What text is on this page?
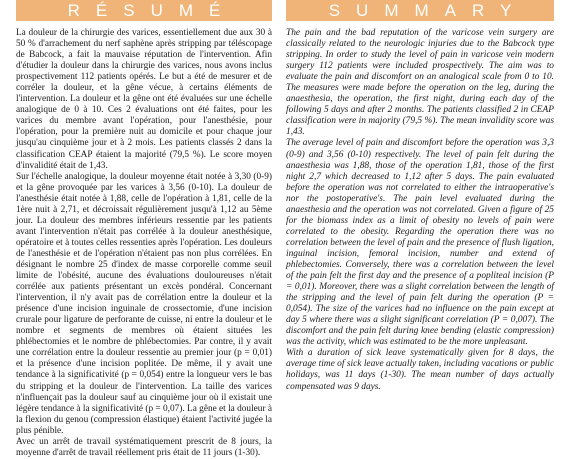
RÉSUMÉ

La douleur de la chirurgie des varices, essentiellement due aux 30 à 50 % d'arrachement du nerf saphène après stripping par téléscopage de Babcock, a fait la mauvaise réputation de l'intervention. Afin d'étudier la douleur dans la chirurgie des varices, nous avons inclus prospectivement 112 patients opérés. Le but a été de mesurer et de corréler la douleur, et la gêne vécue, à certains éléments de l'intervention. La douleur et la gêne ont été évaluées sur une échelle analogique de 0 à 10. Ces 2 évaluations ont été faites, pour les varices du membre avant l'opération, pour l'anesthésie, pour l'opération, pour la première nuit au domicile et pour chaque jour jusqu'au cinquième jour et à 2 mois. Les patients classés 2 dans la classification CEAP étaient la majorité (79,5 %). Le score moyen d'invalidité était de 1,43.

Sur l'échelle analogique, la douleur moyenne était notée à 3,30 (0-9) et la gêne provoquée par les varices à 3,56 (0-10). La douleur de l'anesthésie était notée à 1,88, celle de l'opération à 1,81, celle de la 1ère nuit à 2,71, et décroissait régulièrement jusqu'à 1,12 au 5ème jour. La douleur des membres inférieurs ressentie par les patients avant l'intervention n'était pas corrélée à la douleur anesthésique, opératoire et à toutes celles ressenties après l'opération. Les douleurs de l'anesthésie et de l'opération n'étaient pas non plus corrélées. En désignant le nombre 25 d'index de masse corporelle comme seuil limite de l'obésité, aucune des évaluations douloureuses n'était corrélée aux patients présentant un excès pondéral. Concernant l'intervention, il n'y avait pas de corrélation entre la douleur et la présence d'une incision inguinale de crossectomie, d'une incision crurale pour ligature de perforante de cuisse, ni entre la douleur et le nombre et segments de membres où étaient situées les phlébectomies et le nombre de phlébectomies. Par contre, il y avait une corrélation entre la douleur ressentie au premier jour (p = 0,01) et la présence d'une incision poplitée. De même, il y avait une tendance à la significativité (p = 0,054) entre la longueur vers le bas du stripping et la douleur de l'intervention. La taille des varices n'influençait pas la douleur sauf au cinquième jour où il existait une légère tendance à la significativité (p = 0,07). La gêne et la douleur à la flexion du genou (compression élastique) étaient l'activité jugée la plus pénible.

Avec un arrêt de travail systématiquement prescrit de 8 jours, la moyenne d'arrêt de travail réellement pris était de 11 jours (1-30).

SUMMARY

The pain and the bad reputation of the varicose vein surgery are classically related to the neurologic injuries due to the Babcock type stripping. In order to study the level of pain in varicose vein modern surgery 112 patients were included prospectively. The aim was to evaluate the pain and discomfort on an analogical scale from 0 to 10. The measures were made before the operation on the leg, during the anaesthesia, the operation, the first night, during each day of the following 5 days and after 2 months. The patients classified 2 in CEAP classification were in majority (79,5 %). The mean invalidity score was 1,43.

The average level of pain and discomfort before the operation was 3,3 (0-9) and 3,56 (0-10) respectively. The level of pain felt during the anaesthesia was 1,88, those of the operation 1,81, those of the first night 2,7 which decreased to 1,12 after 5 days. The pain evaluated before the operation was not correlated to either the intraoperative's nor the postoperative's. The pain level evaluated during the anaesthesia and the operation was not correlated. Given a figure of 25 for the biomass index as a limit of obesity no levels of pain were correlated to the obesity. Regarding the operation there was no correlation between the level of pain and the presence of flush ligation, inguinal incision, femoral incision, number and extend of phlebectomies. Conversely, there was a correlation between the level of the pain felt the first day and the presence of a popliteal incision (P = 0,01). Moreover, there was a slight correlation between the length of the stripping and the level of pain felt during the operation (P = 0,054). The size of the varices had no influence on the pain except at day 5 where there was a slight significant correlation (P = 0,007). The discomfort and the pain felt during knee bending (elastic compression) was the activity, which was estimated to be the more unpleasant.

With a duration of sick leave systematically given for 8 days, the average time of sick leave actually taken, including vacations or public holidays, was 11 days (1-30). The mean number of days actually compensated was 9 days.
